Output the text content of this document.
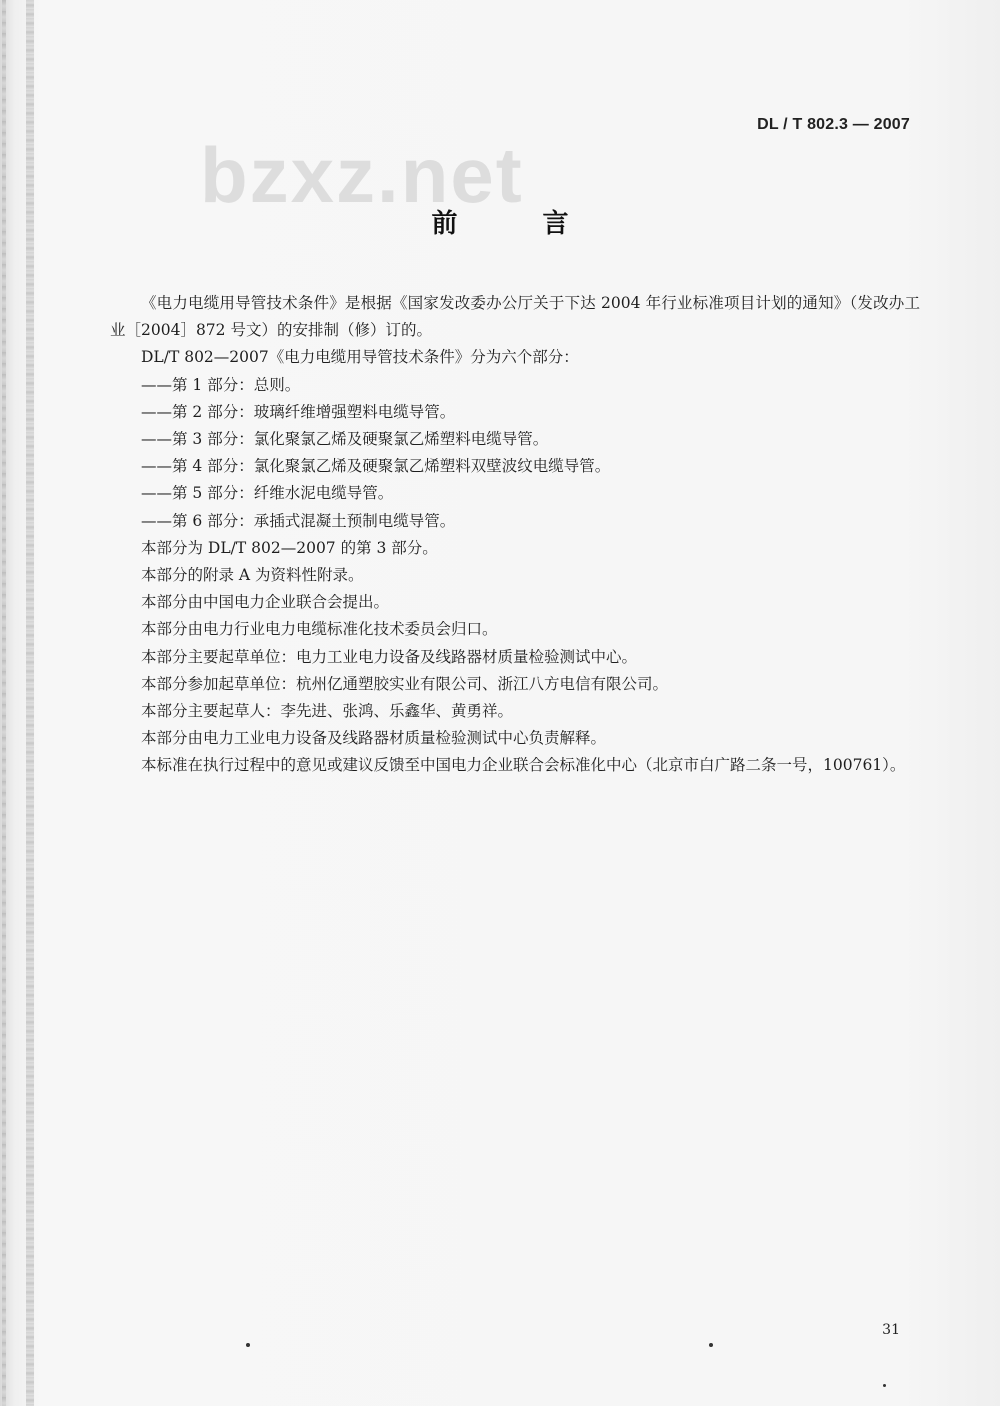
DL / T 802.3 — 2007
bzxz.net
前 言

《电力电缆用导管技术条件》是根据《国家发改委办公厅关于下达 2004 年行业标准项目计划的通知》（发改办工业［2004］872 号文）的安排制（修）订的。

DL/T 802—2007《电力电缆用导管技术条件》分为六个部分：

——第 1 部分：总则。

——第 2 部分：玻璃纤维增强塑料电缆导管。

——第 3 部分：氯化聚氯乙烯及硬聚氯乙烯塑料电缆导管。

——第 4 部分：氯化聚氯乙烯及硬聚氯乙烯塑料双壁波纹电缆导管。

——第 5 部分：纤维水泥电缆导管。

——第 6 部分：承插式混凝土预制电缆导管。

本部分为 DL/T 802—2007 的第 3 部分。

本部分的附录 A 为资料性附录。

本部分由中国电力企业联合会提出。

本部分由电力行业电力电缆标准化技术委员会归口。

本部分主要起草单位：电力工业电力设备及线路器材质量检验测试中心。

本部分参加起草单位：杭州亿通塑胶实业有限公司、浙江八方电信有限公司。

本部分主要起草人：李先进、张鸿、乐鑫华、黄勇祥。

本部分由电力工业电力设备及线路器材质量检验测试中心负责解释。

本标准在执行过程中的意见或建议反馈至中国电力企业联合会标准化中心（北京市白广路二条一号，100761）。

31
